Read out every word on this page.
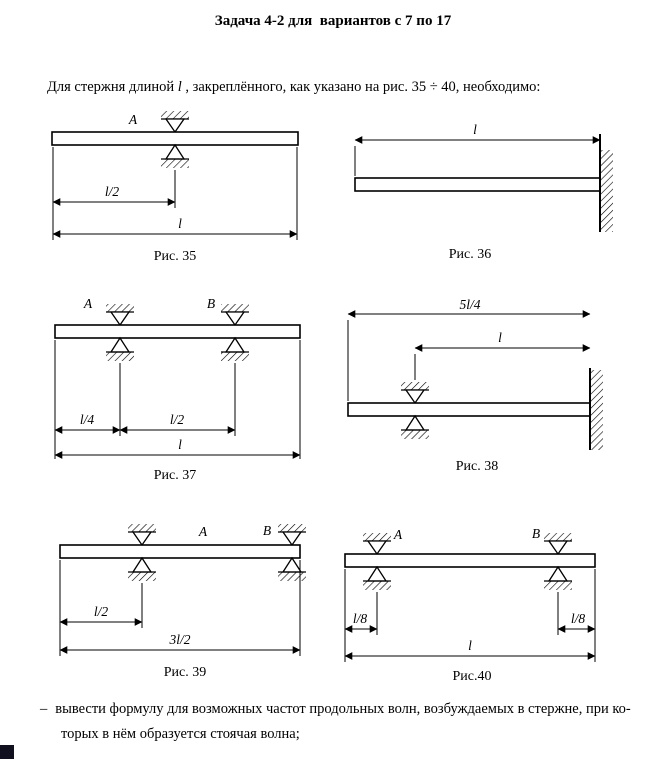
Задача 4-2 для  вариантов с 7 по 17
Для стержня длиной l , закреплённого, как указано на рис. 35 ÷ 40, необходимо:
A
l/2
l
Рис. 35
l
Рис. 36
A	B
l/4	l/2
l
Рис. 37
5l/4
l
Рис. 38
A	B
l/2
3l/2
Рис. 39
A	B
l/8	l/8
l
Рис.40
– вывести формулу для возможных частот продольных волн, возбуждаемых в стержне, при ко-
торых в нём образуется стоячая волна;
